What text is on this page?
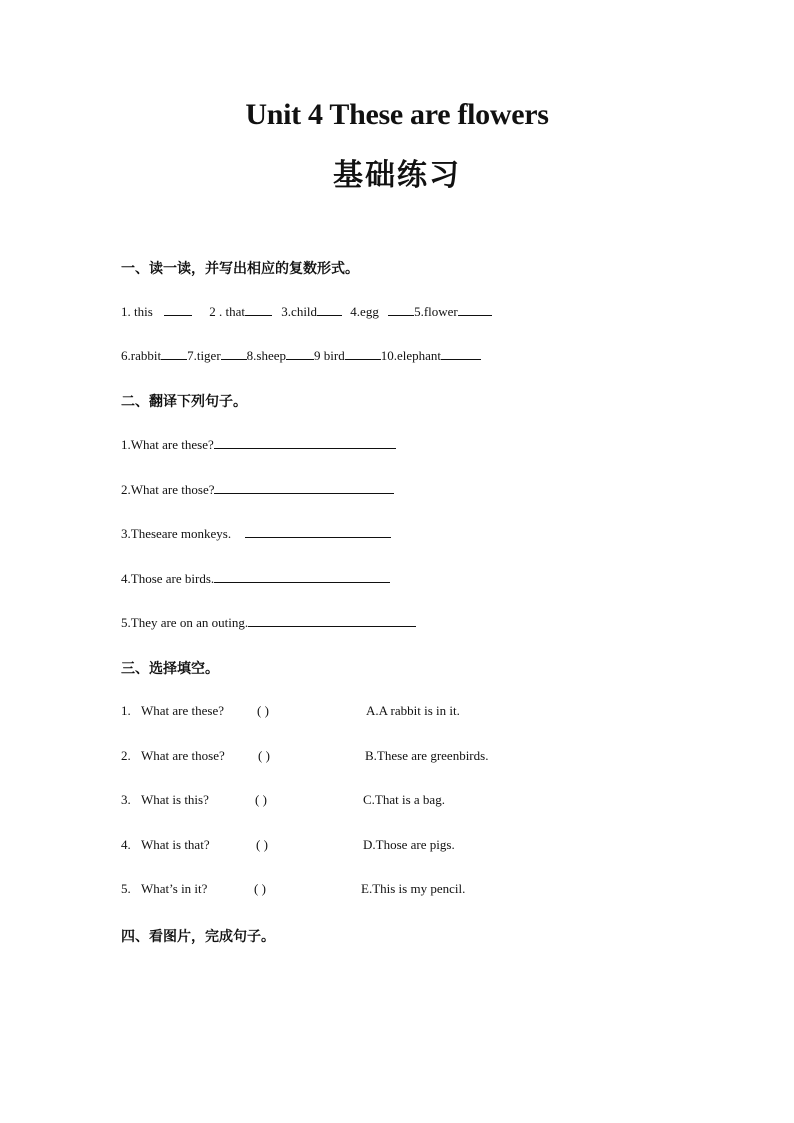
Unit 4 These are flowers
基础练习
一、读一读，并写出相应的复数形式。
1. this	2 . that	3.child	4.egg	5.flower
6.rabbit 7.tiger 8.sheep 9 bird	10.elephant
二、翻译下列句子。
1.What are these?
2.What are those?
3.Theseare monkeys.
4.Those are birds.
5.They are on an outing.
三、选择填空。
1. What are these?	( )	A.A rabbit is in it.
2. What are those?	( )	B.These are greenbirds.
3. What is this?	( )	C.That is a bag.
4. What is that?	( )	D.Those are pigs.
5. What’s in it?	( )	E.This is my pencil.
四、看图片，完成句子。
